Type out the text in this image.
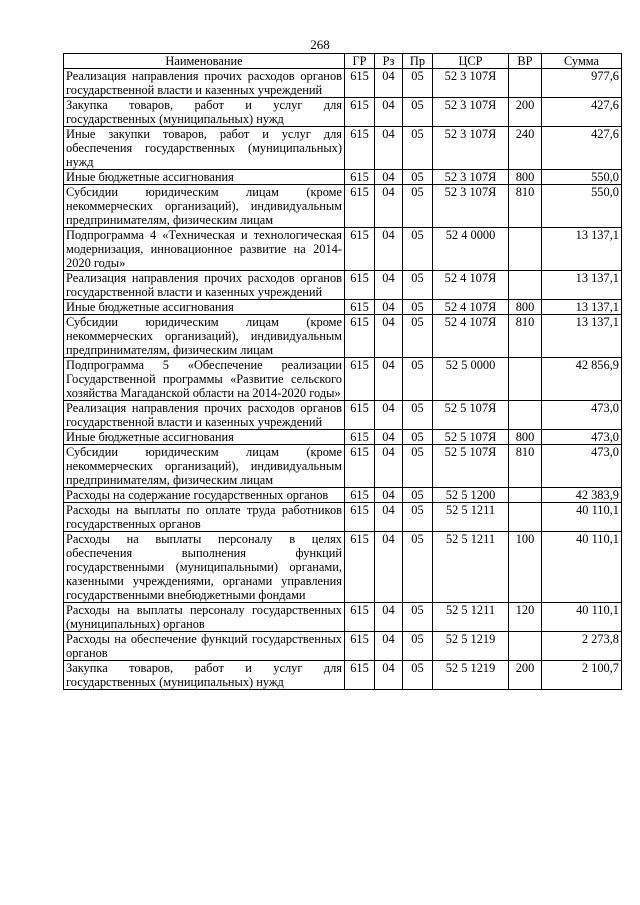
268
Наименование	ГР	Рз	Пр	ЦСР	ВР	Сумма
Реализация направления прочих расходов органов государственной власти и казенных учреждений	615	04	05	52 3 107Я		977,6
Закупка товаров, работ и услуг для государственных (муниципальных) нужд	615	04	05	52 3 107Я	200	427,6
Иные закупки товаров, работ и услуг для обеспечения государственных (муниципальных) нужд	615	04	05	52 3 107Я	240	427,6
Иные бюджетные ассигнования	615	04	05	52 3 107Я	800	550,0
Субсидии юридическим лицам (кроме некоммерческих организаций), индивидуальным предпринимателям, физическим лицам	615	04	05	52 3 107Я	810	550,0
Подпрограмма 4 «Техническая и технологическая модернизация, инновационное развитие на 2014-2020 годы»	615	04	05	52 4 0000		13 137,1
Реализация направления прочих расходов органов государственной власти и казенных учреждений	615	04	05	52 4 107Я		13 137,1
Иные бюджетные ассигнования	615	04	05	52 4 107Я	800	13 137,1
Субсидии юридическим лицам (кроме некоммерческих организаций), индивидуальным предпринимателям, физическим лицам	615	04	05	52 4 107Я	810	13 137,1
Подпрограмма 5 «Обеспечение реализации Государственной программы «Развитие сельского хозяйства Магаданской области на 2014-2020 годы»	615	04	05	52 5 0000		42 856,9
Реализация направления прочих расходов органов государственной власти и казенных учреждений	615	04	05	52 5 107Я		473,0
Иные бюджетные ассигнования	615	04	05	52 5 107Я	800	473,0
Субсидии юридическим лицам (кроме некоммерческих организаций), индивидуальным предпринимателям, физическим лицам	615	04	05	52 5 107Я	810	473,0
Расходы на содержание государственных органов	615	04	05	52 5 1200		42 383,9
Расходы на выплаты по оплате труда работников государственных органов	615	04	05	52 5 1211		40 110,1
Расходы на выплаты персоналу в целях обеспечения выполнения функций государственными (муниципальными) органами, казенными учреждениями, органами управления государственными внебюджетными фондами	615	04	05	52 5 1211	100	40 110,1
Расходы на выплаты персоналу государственных (муниципальных) органов	615	04	05	52 5 1211	120	40 110,1
Расходы на обеспечение функций государственных органов	615	04	05	52 5 1219		2 273,8
Закупка товаров, работ и услуг для государственных (муниципальных) нужд	615	04	05	52 5 1219	200	2 100,7
